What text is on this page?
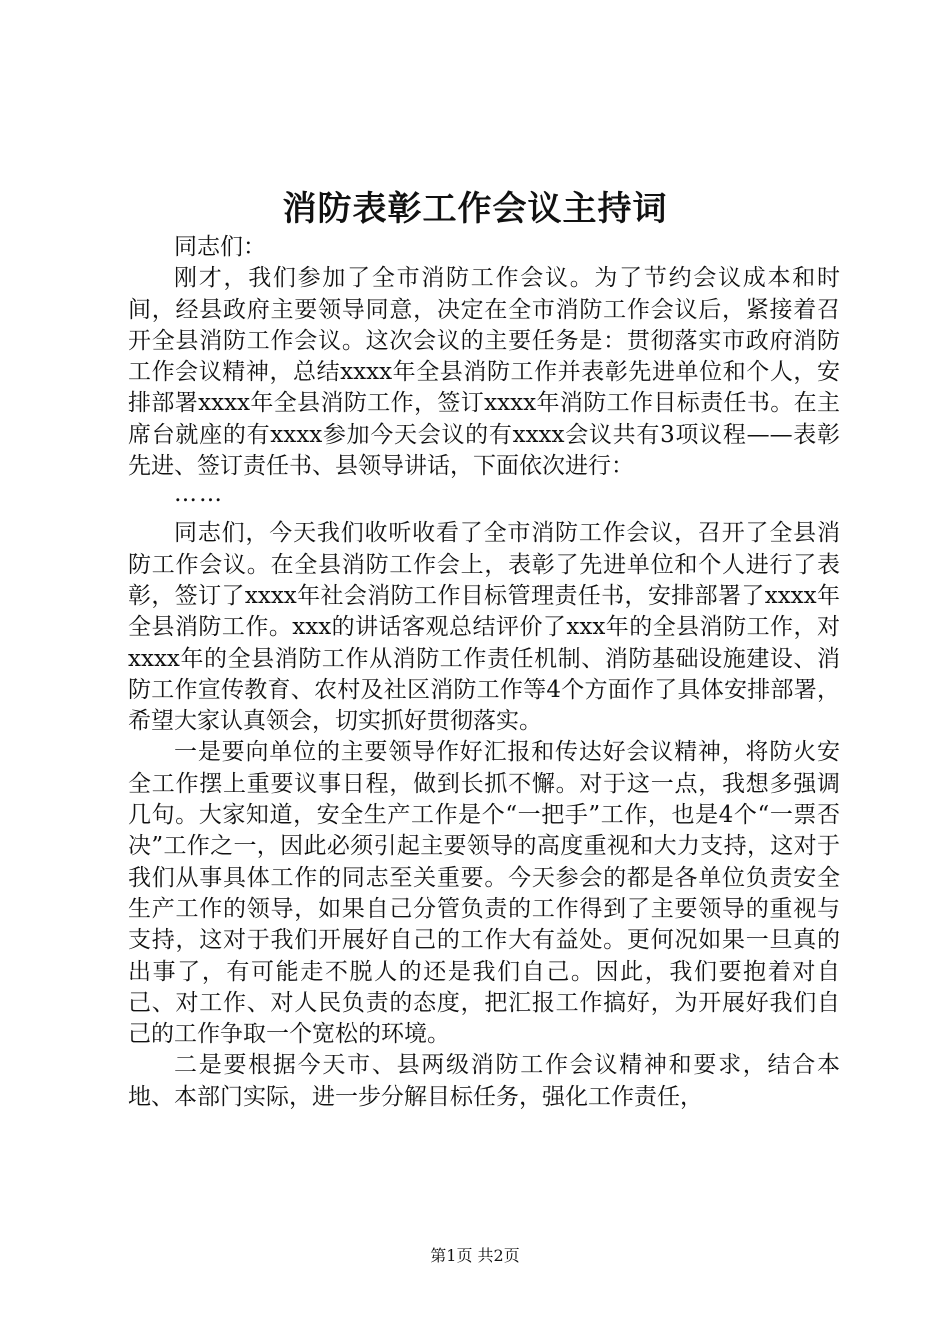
消防表彰工作会议主持词

同志们：

刚才，我们参加了全市消防工作会议。为了节约会议成本和时间，经县政府主要领导同意，决定在全市消防工作会议后，紧接着召开全县消防工作会议。这次会议的主要任务是：贯彻落实市政府消防工作会议精神，总结xxxx年全县消防工作并表彰先进单位和个人，安排部署xxxx年全县消防工作，签订xxxx年消防工作目标责任书。在主席台就座的有xxxx参加今天会议的有xxxx会议共有3项议程——表彰先进、签订责任书、县领导讲话，下面依次进行：

……

同志们，今天我们收听收看了全市消防工作会议，召开了全县消防工作会议。在全县消防工作会上，表彰了先进单位和个人进行了表彰，签订了xxxx年社会消防工作目标管理责任书，安排部署了xxxx年全县消防工作。xxx的讲话客观总结评价了xxx年的全县消防工作，对xxxx年的全县消防工作从消防工作责任机制、消防基础设施建设、消防工作宣传教育、农村及社区消防工作等4个方面作了具体安排部署，希望大家认真领会，切实抓好贯彻落实。

一是要向单位的主要领导作好汇报和传达好会议精神，将防火安全工作摆上重要议事日程，做到长抓不懈。对于这一点，我想多强调几句。大家知道，安全生产工作是个“一把手”工作，也是4个“一票否决”工作之一，因此必须引起主要领导的高度重视和大力支持，这对于我们从事具体工作的同志至关重要。今天参会的都是各单位负责安全生产工作的领导，如果自己分管负责的工作得到了主要领导的重视与支持，这对于我们开展好自己的工作大有益处。更何况如果一旦真的出事了，有可能走不脱人的还是我们自己。因此，我们要抱着对自己、对工作、对人民负责的态度，把汇报工作搞好，为开展好我们自己的工作争取一个宽松的环境。

二是要根据今天市、县两级消防工作会议精神和要求，结合本地、本部门实际，进一步分解目标任务，强化工作责任，

第1页 共2页
